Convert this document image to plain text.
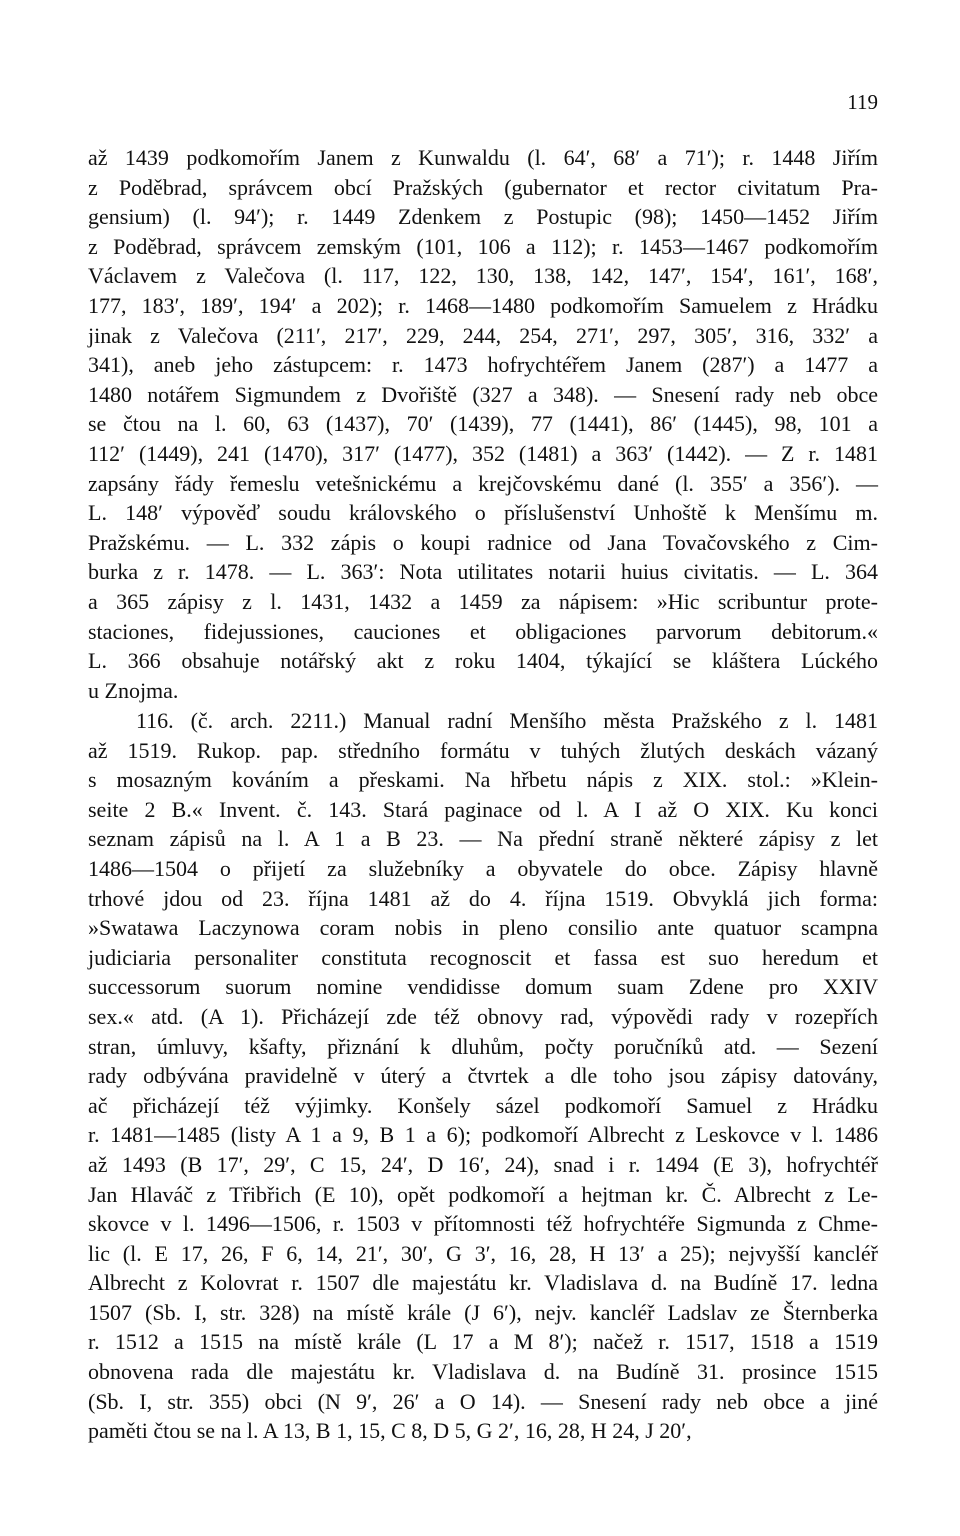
119

až 1439 podkomořím Janem z Kunwaldu (l. 64′, 68′ a 71′); r. 1448 Jiřím
z Poděbrad, správcem obcí Pražských (gubernator et rector civitatum Pra-
gensium) (l. 94′); r. 1449 Zdenkem z Postupic (98); 1450—1452 Jiřím
z Poděbrad, správcem zemským (101, 106 a 112); r. 1453—1467 podkomořím
Václavem z Valečova (l. 117, 122, 130, 138, 142, 147′, 154′, 161′, 168′,
177, 183′, 189′, 194′ a 202); r. 1468—1480 podkomořím Samuelem z Hrádku
jinak z Valečova (211′, 217′, 229, 244, 254, 271′, 297, 305′, 316, 332′ a
341), aneb jeho zástupcem: r. 1473 hofrychtéřem Janem (287′) a 1477 a
1480 notářem Sigmundem z Dvořiště (327 a 348). — Snesení rady neb obce
se čtou na l. 60, 63 (1437), 70′ (1439), 77 (1441), 86′ (1445), 98, 101 a
112′ (1449), 241 (1470), 317′ (1477), 352 (1481) a 363′ (1442). — Z r. 1481
zapsány řády řemeslu vetešnickému a krejčovskému dané (l. 355′ a 356′). —
L. 148′ výpověď soudu královského o příslušenství Unhoště k Menšímu m.
Pražskému. — L. 332 zápis o koupi radnice od Jana Tovačovského z Cim-
burka z r. 1478. — L. 363′: Nota utilitates notarii huius civitatis. — L. 364
a 365 zápisy z l. 1431, 1432 a 1459 za nápisem: »Hic scribuntur prote-
staciones, fidejussiones, cauciones et obligaciones parvorum debitorum.«
L. 366 obsahuje notářský akt z roku 1404, týkající se kláštera Lúckého
u Znojma.

116. (č. arch. 2211.) Manual radní Menšího města Pražského z l. 1481
až 1519. Rukop. pap. středního formátu v tuhých žlutých deskách vázaný
s mosazným kováním a přeskami. Na hřbetu nápis z XIX. stol.: »Klein-
seite 2 B.« Invent. č. 143. Stará paginace od l. A I až O XIX. Ku konci
seznam zápisů na l. A 1 a B 23. — Na přední straně některé zápisy z let
1486—1504 o přijetí za služebníky a obyvatele do obce. Zápisy hlavně
trhové jdou od 23. října 1481 až do 4. října 1519. Obvyklá jich forma:
»Swatawa Laczynowa coram nobis in pleno consilio ante quatuor scampna
judiciaria personaliter constituta recognoscit et fassa est suo heredum et
successorum suorum nomine vendidisse domum suam Zdene pro XXIV
sex.« atd. (A 1). Přicházejí zde též obnovy rad, výpovědi rady v rozepřích
stran, úmluvy, kšafty, přiznání k dluhům, počty poručníků atd. — Sezení
rady odbývána pravidelně v úterý a čtvrtek a dle toho jsou zápisy datovány,
ač přicházejí též výjimky. Konšely sázel podkomoří Samuel z Hrádku
r. 1481—1485 (listy A 1 a 9, B 1 a 6); podkomoří Albrecht z Leskovce v l. 1486
až 1493 (B 17′, 29′, C 15, 24′, D 16′, 24), snad i r. 1494 (E 3), hofrychtéř
Jan Hlaváč z Třibřich (E 10), opět podkomoří a hejtman kr. Č. Albrecht z Le-
skovce v l. 1496—1506, r. 1503 v přítomnosti též hofrychtéře Sigmunda z Chme-
lic (l. E 17, 26, F 6, 14, 21′, 30′, G 3′, 16, 28, H 13′ a 25); nejvyšší kancléř
Albrecht z Kolovrat r. 1507 dle majestátu kr. Vladislava d. na Budíně 17. ledna
1507 (Sb. I, str. 328) na místě krále (J 6′), nejv. kancléř Ladslav ze Šternberka
r. 1512 a 1515 na místě krále (L 17 a M 8′); načež r. 1517, 1518 a 1519
obnovena rada dle majestátu kr. Vladislava d. na Budíně 31. prosince 1515
(Sb. I, str. 355) obci (N 9′, 26′ a O 14). — Snesení rady neb obce a jiné
paměti čtou se na l. A 13, B 1, 15, C 8, D 5, G 2′, 16, 28, H 24, J 20′,
